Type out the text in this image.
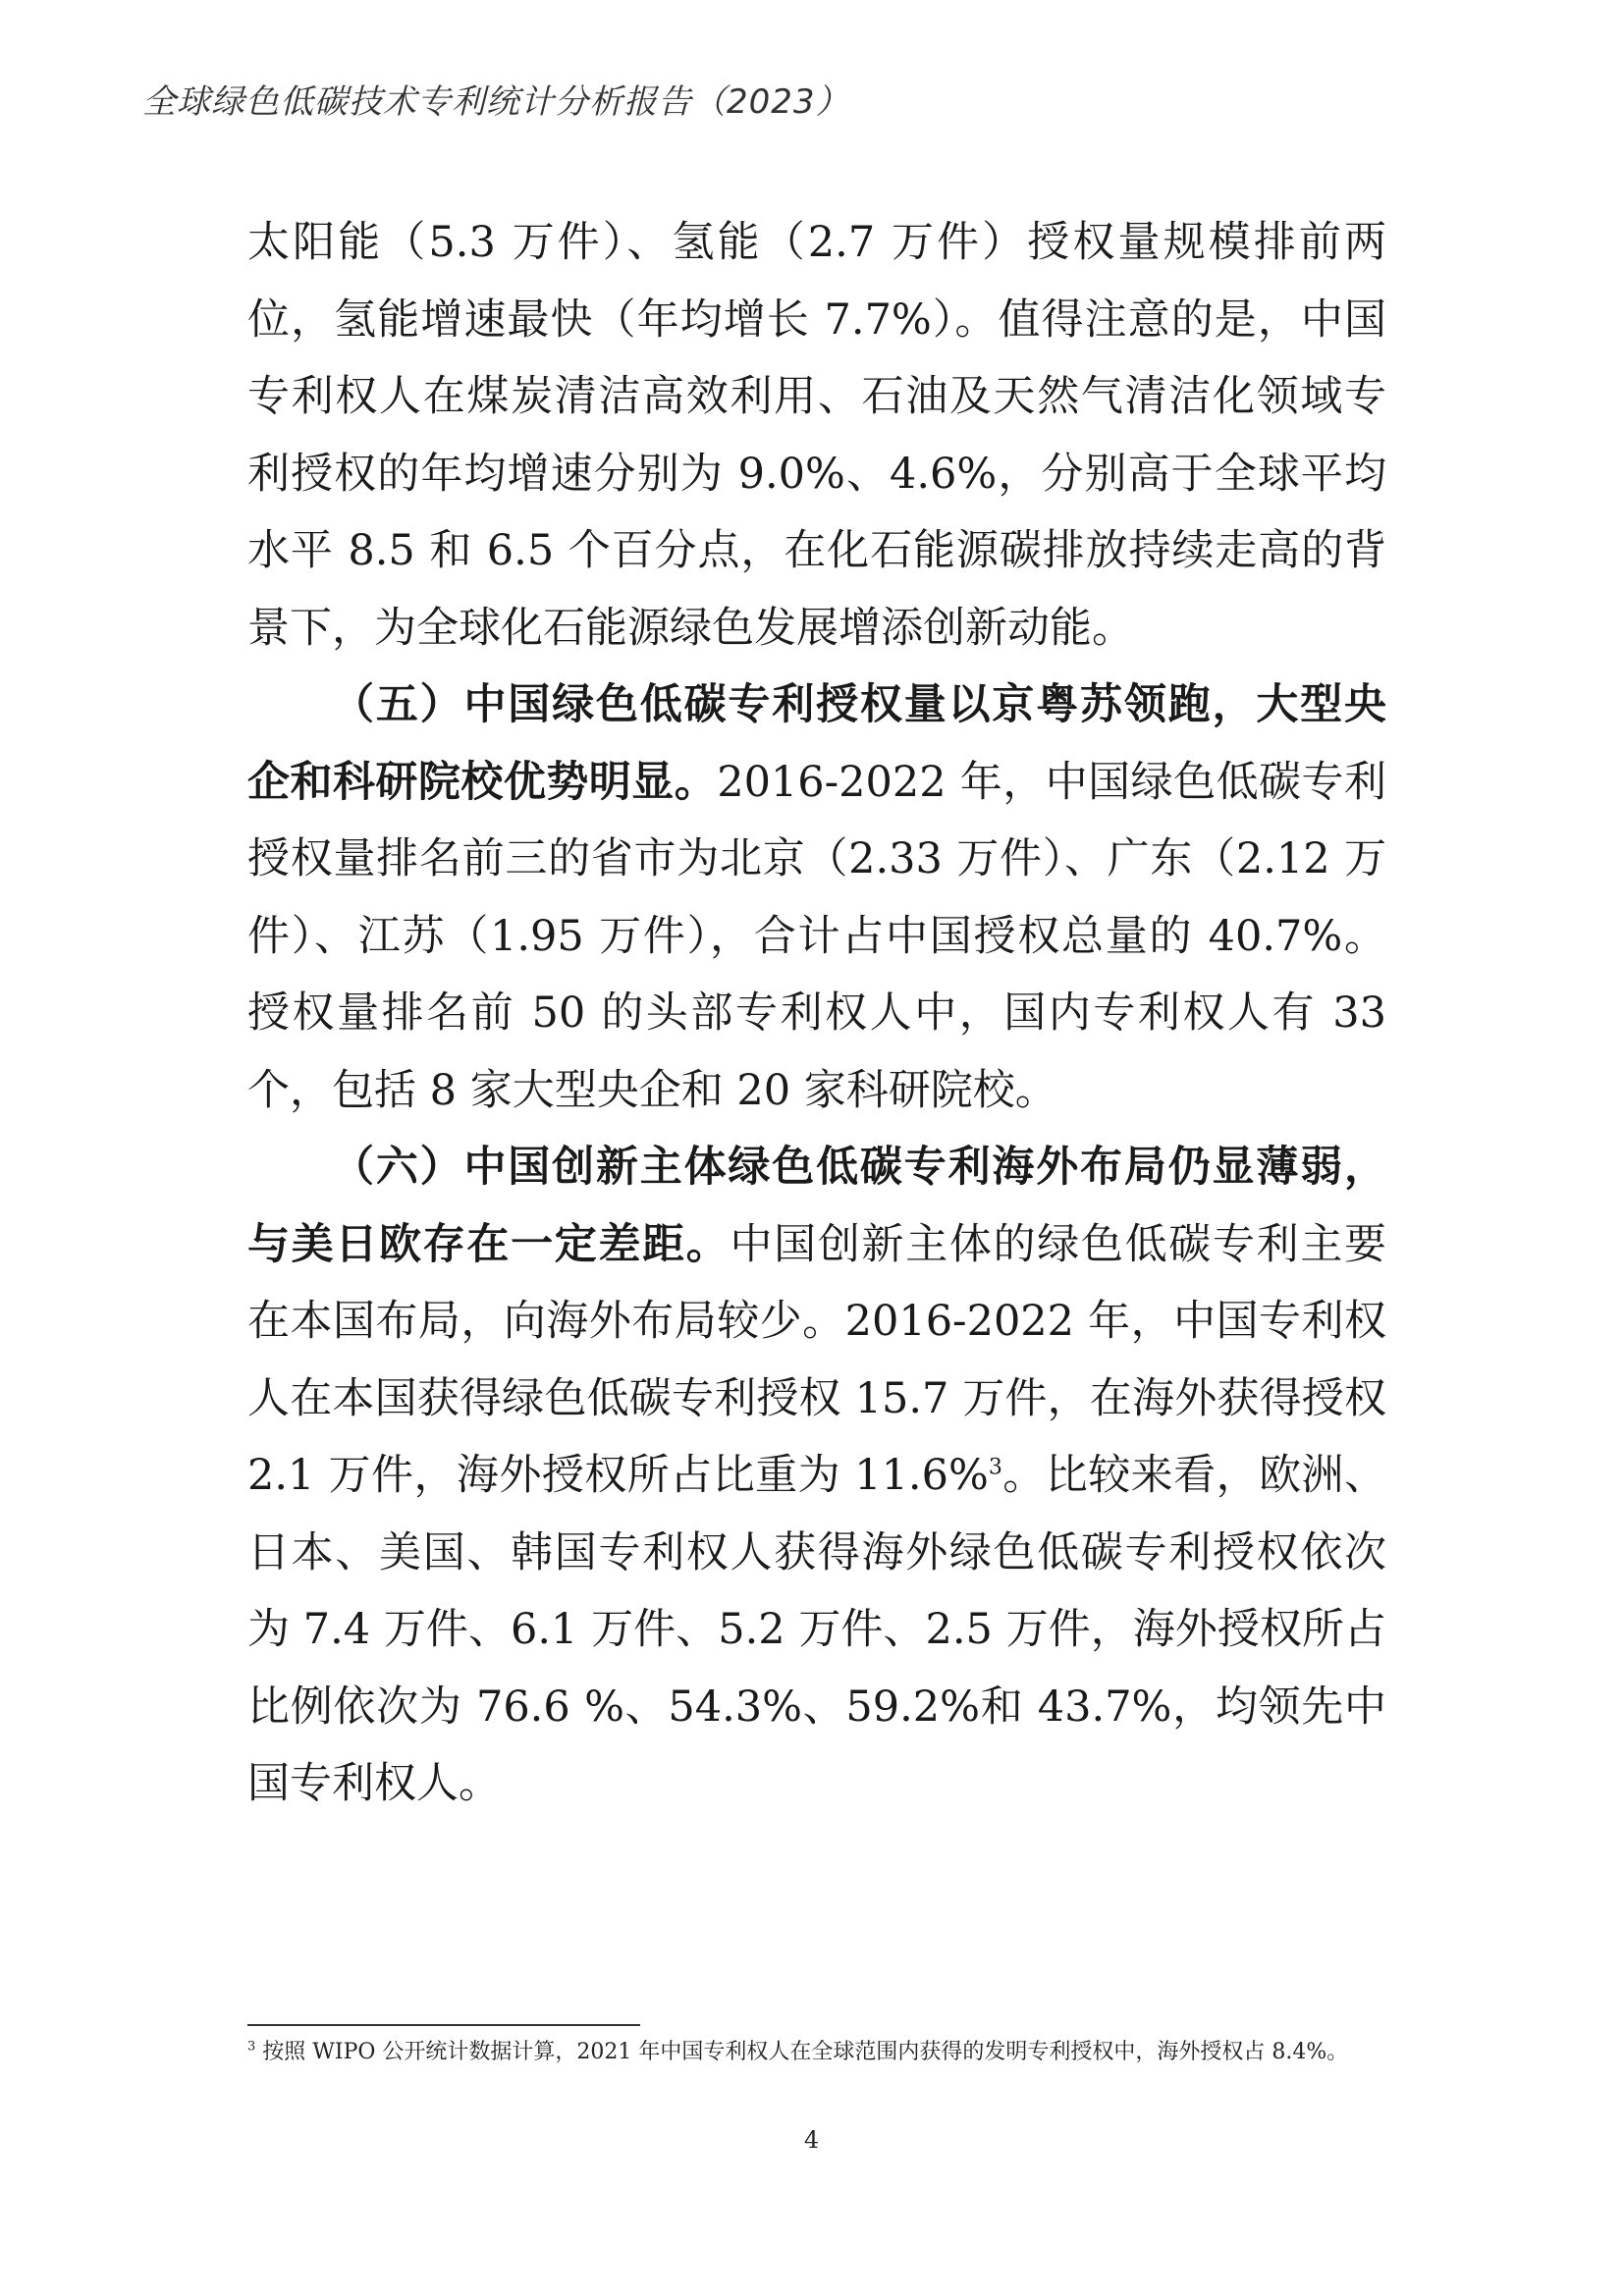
全球绿色低碳技术专利统计分析报告（2023）

太阳能（5.3 万件）、氢能（2.7 万件）授权量规模排前两位，氢能增速最快（年均增长 7.7%）。值得注意的是，中国专利权人在煤炭清洁高效利用、石油及天然气清洁化领域专利授权的年均增速分别为 9.0%、4.6%，分别高于全球平均水平 8.5 和 6.5 个百分点，在化石能源碳排放持续走高的背景下，为全球化石能源绿色发展增添创新动能。

（五）中国绿色低碳专利授权量以京粤苏领跑，大型央企和科研院校优势明显。2016-2022 年，中国绿色低碳专利授权量排名前三的省市为北京（2.33 万件）、广东（2.12 万件）、江苏（1.95 万件），合计占中国授权总量的 40.7%。授权量排名前 50 的头部专利权人中，国内专利权人有 33 个，包括 8 家大型央企和 20 家科研院校。

（六）中国创新主体绿色低碳专利海外布局仍显薄弱，与美日欧存在一定差距。中国创新主体的绿色低碳专利主要在本国布局，向海外布局较少。2016-2022 年，中国专利权人在本国获得绿色低碳专利授权 15.7 万件，在海外获得授权 2.1 万件，海外授权所占比重为 11.6%$^3$。比较来看，欧洲、日本、美国、韩国专利权人获得海外绿色低碳专利授权依次为 7.4 万件、6.1 万件、5.2 万件、2.5 万件，海外授权所占比例依次为 76.6 %、54.3%、59.2%和 43.7%，均领先中国专利权人。

$^3$ 按照 WIPO 公开统计数据计算，2021 年中国专利权人在全球范围内获得的发明专利授权中，海外授权占 8.4%。
4
